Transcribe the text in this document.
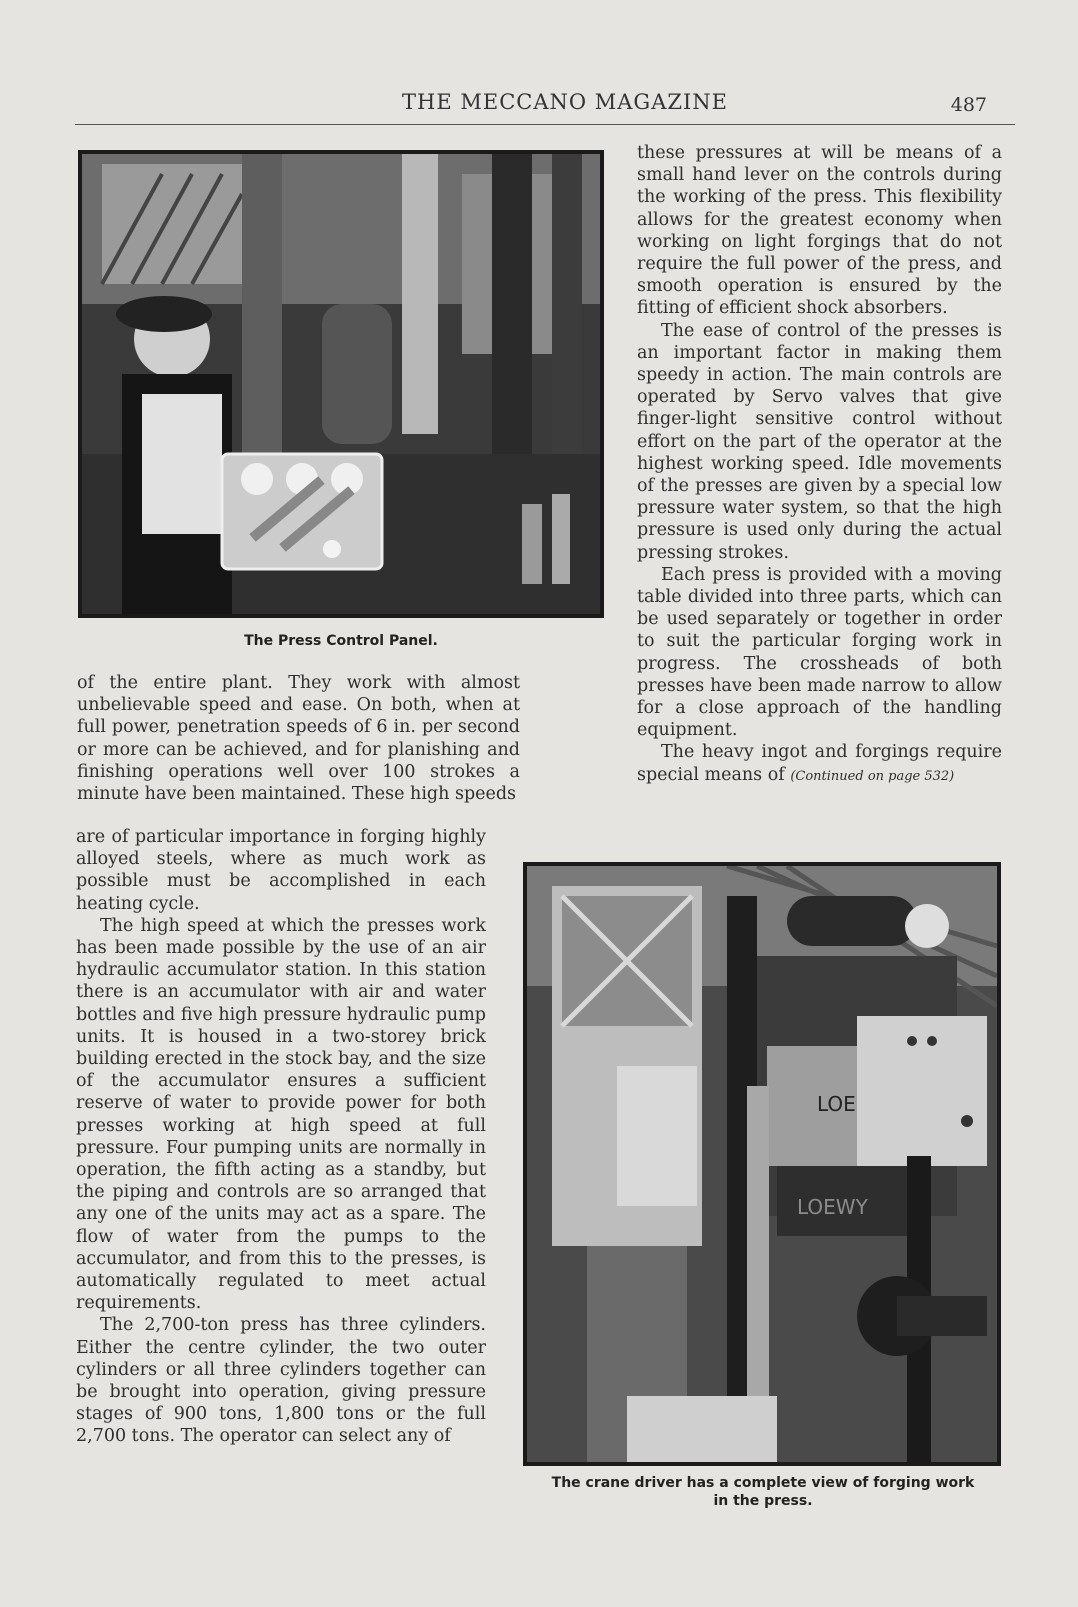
THE MECCANO MAGAZINE	487
The Press Control Panel.

these pressures at will be means of a small hand lever on the controls during the working of the press. This flexibility allows for the greatest economy when working on light forgings that do not require the full power of the press, and smooth operation is ensured by the fitting of efficient shock absorbers.

The ease of control of the presses is an important factor in making them speedy in action. The main controls are operated by Servo valves that give finger-light sensitive control without effort on the part of the operator at the highest working speed. Idle movements of the presses are given by a special low pressure water system, so that the high pressure is used only during the actual pressing strokes.

Each press is provided with a moving table divided into three parts, which can be used separately or together in order to suit the particular forging work in progress. The crossheads of both presses have been made narrow to allow for a close approach of the handling equipment.

The heavy ingot and forgings require special means of (Continued on page 532)

of the entire plant. They work with almost unbelievable speed and ease. On both, when at full power, penetration speeds of 6 in. per second or more can be achieved, and for planishing and finishing operations well over 100 strokes a minute have been maintained. These high speeds

are of particular importance in forging highly alloyed steels, where as much work as possible must be accomplished in each heating cycle.

The high speed at which the presses work has been made possible by the use of an air hydraulic accumulator station. In this station there is an accumulator with air and water bottles and five high pressure hydraulic pump units. It is housed in a two-storey brick building erected in the stock bay, and the size of the accumulator ensures a sufficient reserve of water to provide power for both presses working at high speed at full pressure. Four pumping units are normally in operation, the fifth acting as a standby, but the piping and controls are so arranged that any one of the units may act as a spare. The flow of water from the pumps to the accumulator, and from this to the presses, is automatically regulated to meet actual requirements.

The 2,700-ton press has three cylinders. Either the centre cylinder, the two outer cylinders or all three cylinders together can be brought into operation, giving pressure stages of 900 tons, 1,800 tons or the full 2,700 tons. The operator can select any of

LOE
LOEWY
The crane driver has a complete view of forging work
in the press.
